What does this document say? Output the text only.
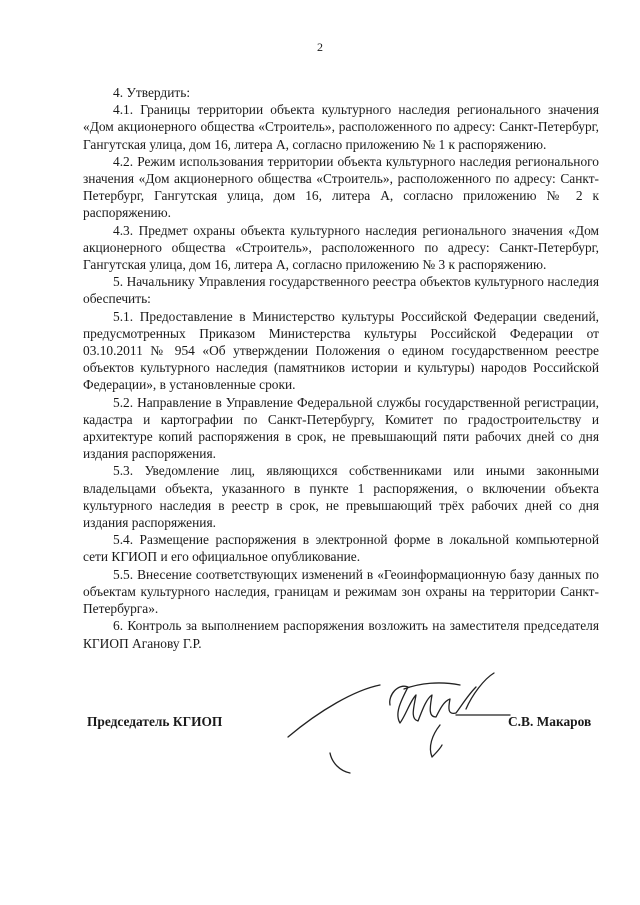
2

4. Утвердить:

4.1. Границы территории объекта культурного наследия регионального значения «Дом акционерного общества «Строитель», расположенного по адресу: Санкт-Петербург, Гангутская улица, дом 16, литера А, согласно приложению № 1 к распоряжению.

4.2. Режим использования территории объекта культурного наследия регионального значения «Дом акционерного общества «Строитель», расположенного по адресу: Санкт-Петербург, Гангутская улица, дом 16, литера А, согласно приложению № 2 к распоряжению.

4.3. Предмет охраны объекта культурного наследия регионального значения «Дом акционерного общества «Строитель», расположенного по адресу: Санкт-Петербург, Гангутская улица, дом 16, литера А, согласно приложению № 3 к распоряжению.

5. Начальнику Управления государственного реестра объектов культурного наследия обеспечить:

5.1. Предоставление в Министерство культуры Российской Федерации сведений, предусмотренных Приказом Министерства культуры Российской Федерации от 03.10.2011 № 954 «Об утверждении Положения о едином государственном реестре объектов культурного наследия (памятников истории и культуры) народов Российской Федерации», в установленные сроки.

5.2. Направление в Управление Федеральной службы государственной регистрации, кадастра и картографии по Санкт-Петербургу, Комитет по градостроительству и архитектуре копий распоряжения в срок, не превышающий пяти рабочих дней со дня издания распоряжения.

5.3. Уведомление лиц, являющихся собственниками или иными законными владельцами объекта, указанного в пункте 1 распоряжения, о включении объекта культурного наследия в реестр в срок, не превышающий трёх рабочих дней со дня издания распоряжения.

5.4. Размещение распоряжения в электронной форме в локальной компьютерной сети КГИОП и его официальное опубликование.

5.5. Внесение соответствующих изменений в «Геоинформационную базу данных по объектам культурного наследия, границам и режимам зон охраны на территории Санкт-Петербурга».

6. Контроль за выполнением распоряжения возложить на заместителя председателя КГИОП Аганову Г.Р.

Председатель КГИОП	С.В. Макаров
